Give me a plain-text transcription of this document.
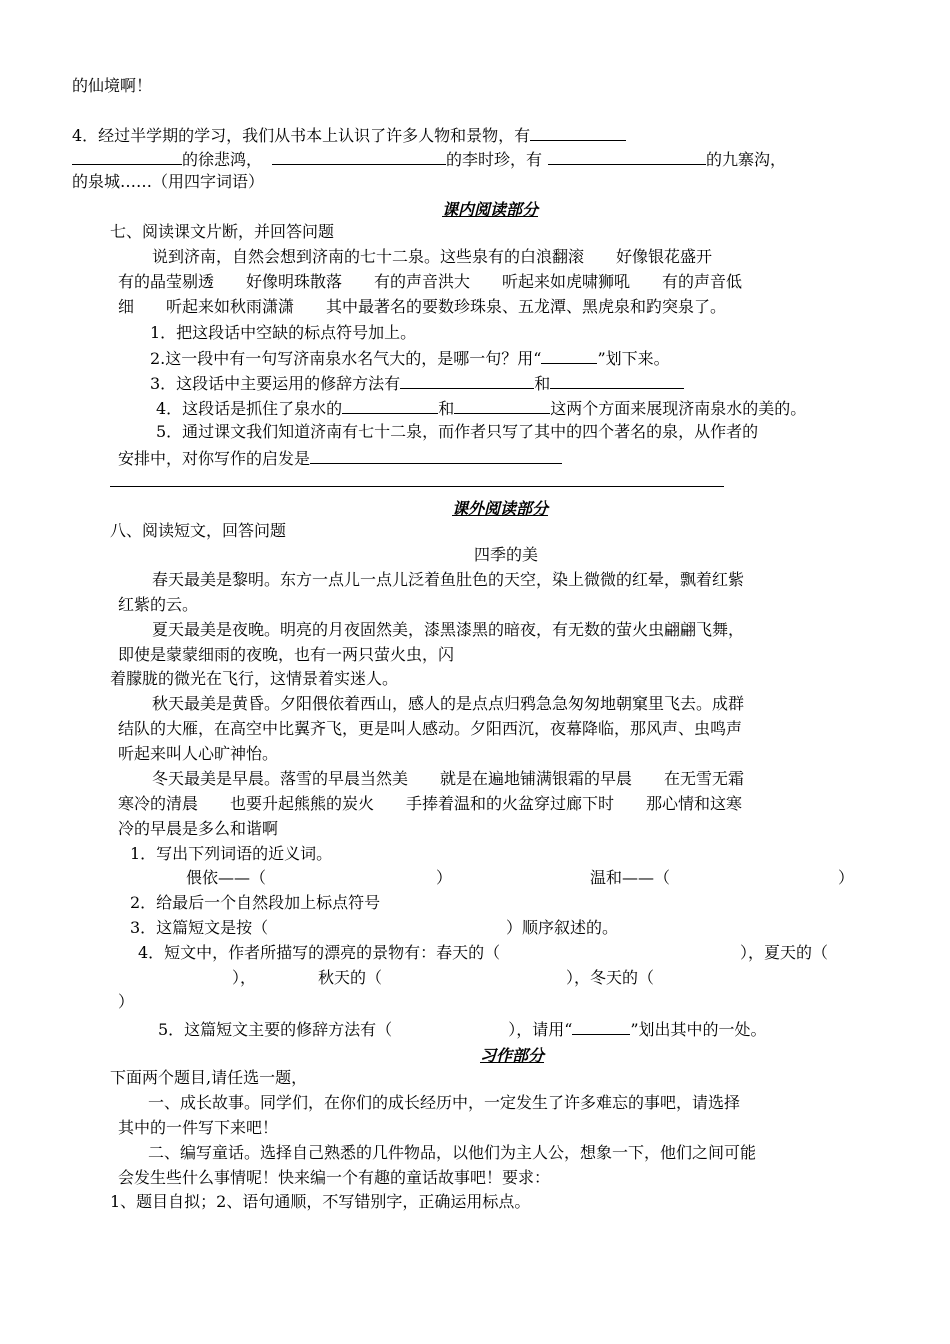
的仙境啊！
4．经过半学期的学习，我们从书本上认识了许多人物和景物，有
的徐悲鸿，	的李时珍，有	的九寨沟，
的泉城……（用四字词语）
课内阅读部分
七、阅读课文片断，并回答问题
说到济南，自然会想到济南的七十二泉。这些泉有的白浪翻滚　　好像银花盛开
有的晶莹剔透　　好像明珠散落　　有的声音洪大　　听起来如虎啸狮吼　　有的声音低
细　　听起来如秋雨潇潇　　其中最著名的要数珍珠泉、五龙潭、黑虎泉和趵突泉了。
1．把这段话中空缺的标点符号加上。
2.这一段中有一句写济南泉水名气大的，是哪一句？用“	”划下来。
3．这段话中主要运用的修辞方法有	和
4．这段话是抓住了泉水的	和	这两个方面来展现济南泉水的美的。
5．通过课文我们知道济南有七十二泉，而作者只写了其中的四个著名的泉，从作者的
安排中，对你写作的启发是
课外阅读部分
八、阅读短文，回答问题
四季的美
春天最美是黎明。东方一点儿一点儿泛着鱼肚色的天空，染上微微的红晕，飘着红紫
红紫的云。
夏天最美是夜晚。明亮的月夜固然美，漆黑漆黑的暗夜，有无数的萤火虫翩翩飞舞，
即使是蒙蒙细雨的夜晚，也有一两只萤火虫，闪
着朦胧的微光在飞行，这情景着实迷人。
秋天最美是黄昏。夕阳偎依着西山，感人的是点点归鸦急急匆匆地朝窠里飞去。成群
结队的大雁，在高空中比翼齐飞，更是叫人感动。夕阳西沉，夜幕降临，那风声、虫鸣声
听起来叫人心旷神怡。
冬天最美是早晨。落雪的早晨当然美　　就是在遍地铺满银霜的早晨　　在无雪无霜
寒冷的清晨　　也要升起熊熊的炭火　　手捧着温和的火盆穿过廊下时　　那心情和这寒
冷的早晨是多么和谐啊
1．写出下列词语的近义词。
偎依——（	）	温和——（	）
2．给最后一个自然段加上标点符号
3．这篇短文是按（	）顺序叙述的。
4．短文中，作者所描写的漂亮的景物有：春天的（	），夏天的（
），	秋天的（	），冬天的（
）
5．这篇短文主要的修辞方法有（	），请用“	”划出其中的一处。
习作部分
下面两个题目,请任选一题，
一、成长故事。同学们，在你们的成长经历中，一定发生了许多难忘的事吧，请选择
其中的一件写下来吧！
二、编写童话。选择自己熟悉的几件物品，以他们为主人公，想象一下，他们之间可能
会发生些什么事情呢！快来编一个有趣的童话故事吧！要求：
1、题目自拟；2、语句通顺，不写错别字，正确运用标点。
